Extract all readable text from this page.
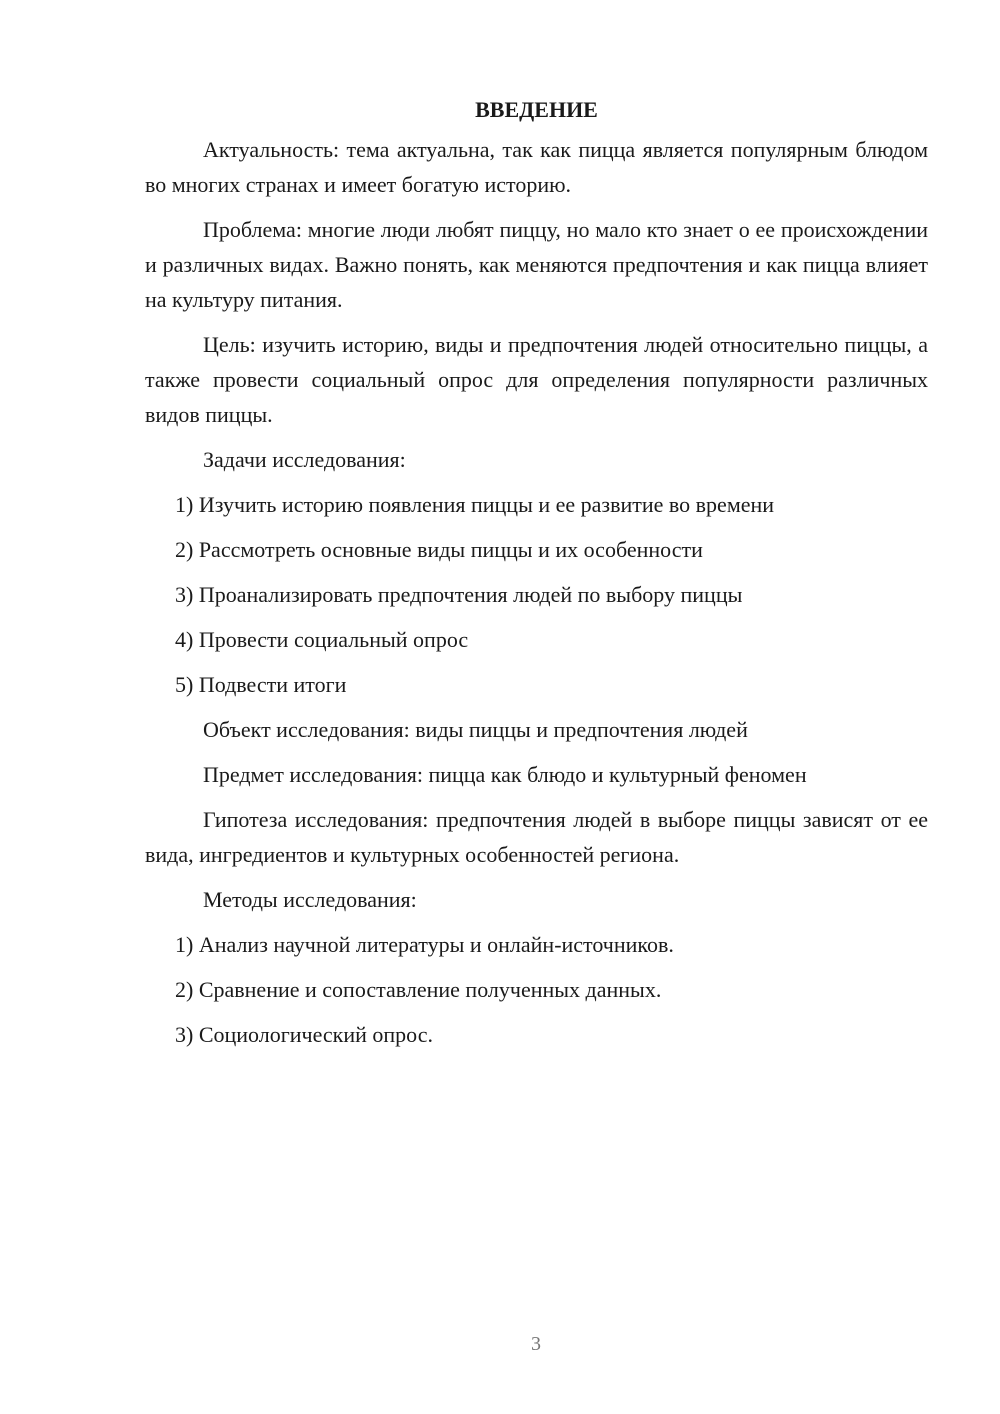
ВВЕДЕНИЕ

Актуальность: тема актуальна, так как пицца является популярным блюдом во многих странах и имеет богатую историю.

Проблема: многие люди любят пиццу, но мало кто знает о ее происхождении и различных видах. Важно понять, как меняются предпочтения и как пицца влияет на культуру питания.

Цель: изучить историю, виды и предпочтения людей относительно пиццы, а также провести социальный опрос для определения популярности различных видов пиццы.

Задачи исследования:

1) Изучить историю появления пиццы и ее развитие во времени

2) Рассмотреть основные виды пиццы и их особенности

3) Проанализировать предпочтения людей по выбору пиццы

4) Провести социальный опрос

5) Подвести итоги

Объект исследования: виды пиццы и предпочтения людей

Предмет исследования: пицца как блюдо и культурный феномен

Гипотеза исследования: предпочтения людей в выборе пиццы зависят от ее вида, ингредиентов и культурных особенностей региона.

Методы исследования:

1) Анализ научной литературы и онлайн-источников.

2) Сравнение и сопоставление полученных данных.

3) Социологический опрос.

3
